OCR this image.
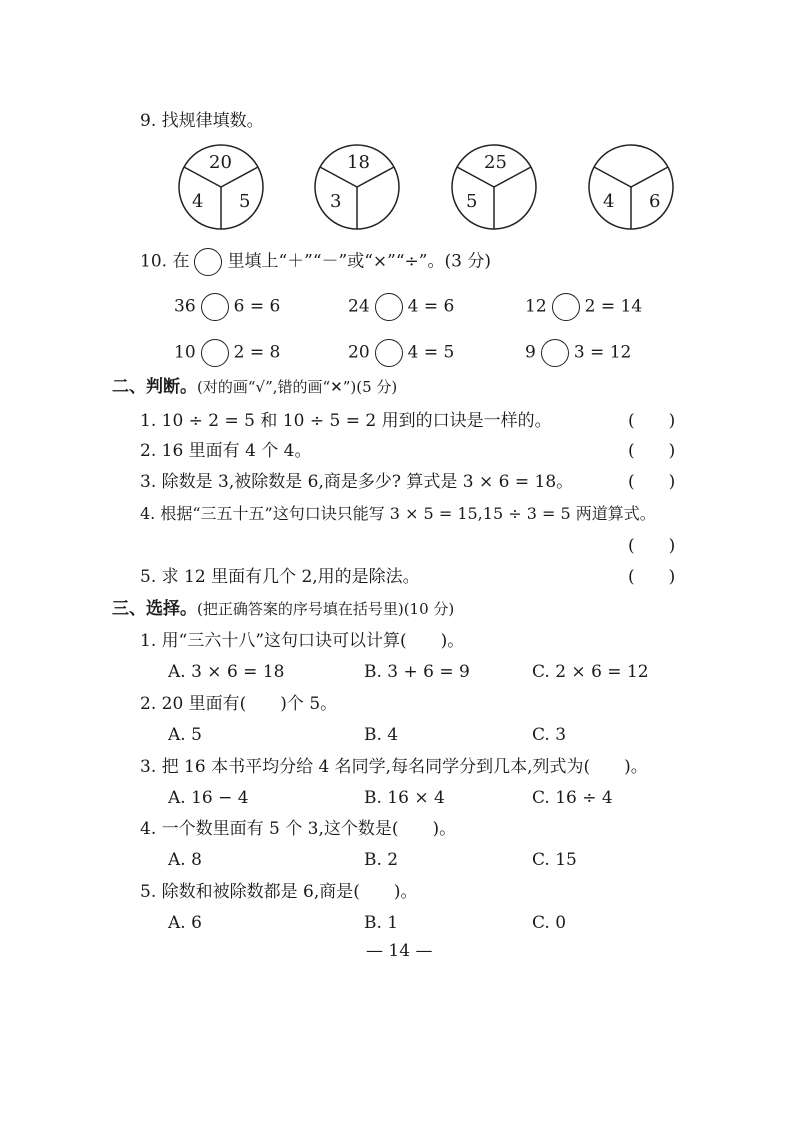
9. 找规律填数。
20
4 5
18
3
25
5	4 6
10. 在 里填上“＋”“－”或“×”“÷”。(3 分)
36 6 = 6	24 4 = 6	12 2 = 14
10 2 = 8	20 4 = 5	9 3 = 12
二、判断。(对的画“√”,错的画“✕”)(5 分)
1. 10 ÷ 2 = 5 和 10 ÷ 5 = 2 用到的口诀是一样的。	(　　)
2. 16 里面有 4 个 4。	(　　)
3. 除数是 3,被除数是 6,商是多少? 算式是 3 × 6 = 18。	(　　)
4. 根据“三五十五”这句口诀只能写 3 × 5 = 15,15 ÷ 3 = 5 两道算式。
(　　)
5. 求 12 里面有几个 2,用的是除法。	(　　)
三、选择。(把正确答案的序号填在括号里)(10 分)
1. 用“三六十八”这句口诀可以计算(　　)。
A. 3 × 6 = 18	B. 3 + 6 = 9	C. 2 × 6 = 12
2. 20 里面有(　　)个 5。
A. 5	B. 4	C. 3
3. 把 16 本书平均分给 4 名同学,每名同学分到几本,列式为(　　)。
A. 16 − 4	B. 16 × 4	C. 16 ÷ 4
4. 一个数里面有 5 个 3,这个数是(　　)。
A. 8	B. 2	C. 15
5. 除数和被除数都是 6,商是(　　)。
A. 6	B. 1	C. 0
— 14 —
